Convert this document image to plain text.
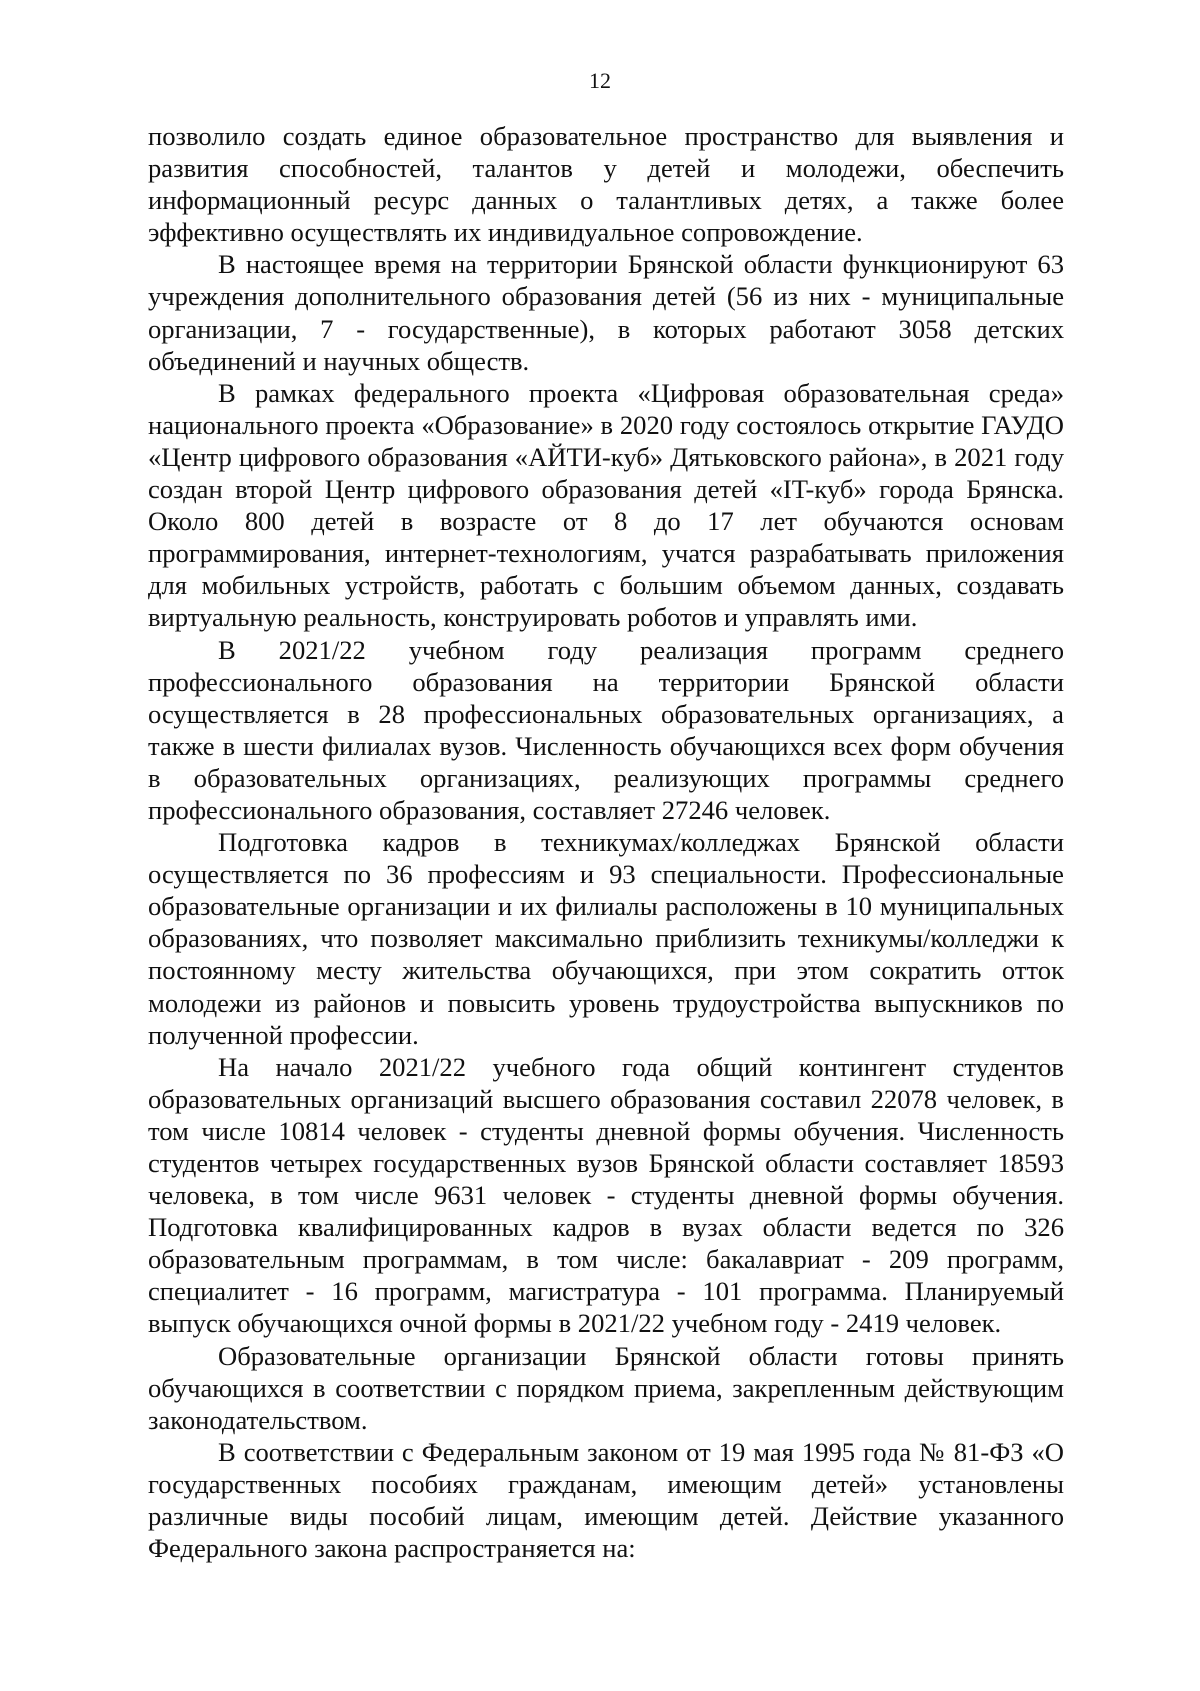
12

позволило создать единое образовательное пространство для выявления и развития способностей, талантов у детей и молодежи, обеспечить информационный ресурс данных о талантливых детях, а также более эффективно осуществлять их индивидуальное сопровождение.

В настоящее время на территории Брянской области функционируют 63 учреждения дополнительного образования детей (56 из них - муниципальные организации, 7 - государственные), в которых работают 3058 детских объединений и научных обществ.

В рамках федерального проекта «Цифровая образовательная среда» национального проекта «Образование» в 2020 году состоялось открытие ГАУДО «Центр цифрового образования «АЙТИ-куб» Дятьковского района», в 2021 году создан второй Центр цифрового образования детей «IT-куб» города Брянска. Около 800 детей в возрасте от 8 до 17 лет обучаются основам программирования, интернет-технологиям, учатся разрабатывать приложения для мобильных устройств, работать с большим объемом данных, создавать виртуальную реальность, конструировать роботов и управлять ими.

В 2021/22 учебном году реализация программ среднего профессионального образования на территории Брянской области осуществляется в 28 профессиональных образовательных организациях, а также в шести филиалах вузов. Численность обучающихся всех форм обучения в образовательных организациях, реализующих программы среднего профессионального образования, составляет 27246 человек.

Подготовка кадров в техникумах/колледжах Брянской области осуществляется по 36 профессиям и 93 специальности. Профессиональные образовательные организации и их филиалы расположены в 10 муниципальных образованиях, что позволяет максимально приблизить техникумы/колледжи к постоянному месту жительства обучающихся, при этом сократить отток молодежи из районов и повысить уровень трудоустройства выпускников по полученной профессии.

На начало 2021/22 учебного года общий контингент студентов образовательных организаций высшего образования составил 22078 человек, в том числе 10814 человек - студенты дневной формы обучения. Численность студентов четырех государственных вузов Брянской области составляет 18593 человека, в том числе 9631 человек - студенты дневной формы обучения. Подготовка квалифицированных кадров в вузах области ведется по 326 образовательным программам, в том числе: бакалавриат - 209 программ, специалитет - 16 программ, магистратура - 101 программа. Планируемый выпуск обучающихся очной формы в 2021/22 учебном году - 2419 человек.

Образовательные организации Брянской области готовы принять обучающихся в соответствии с порядком приема, закрепленным действующим законодательством.

В соответствии с Федеральным законом от 19 мая 1995 года № 81-ФЗ «О государственных пособиях гражданам, имеющим детей» установлены различные виды пособий лицам, имеющим детей. Действие указанного Федерального закона распространяется на:
